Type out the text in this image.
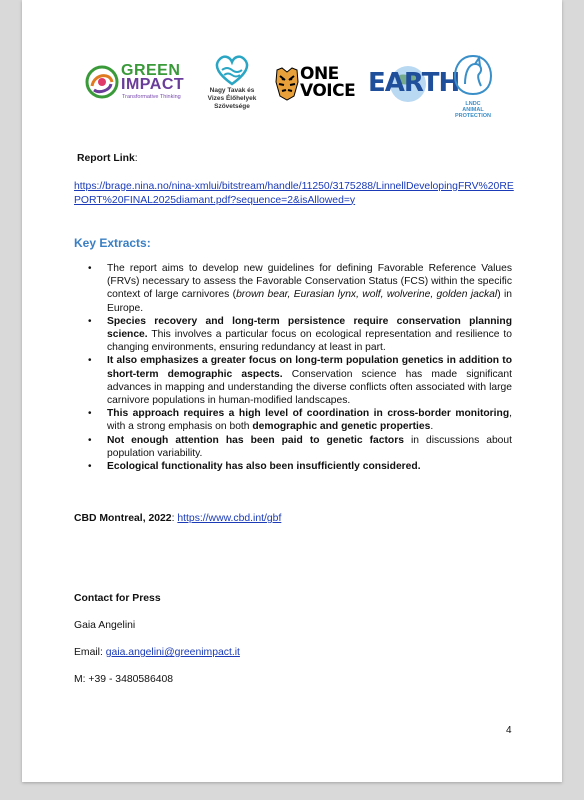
GREEN
IMPACT
Transformative Thinking
Nagy Tavak és
Vizes Élőhelyek
Szövetsége
ONE
VOICE EARTH
LNDC
ANIMAL
PROTECTION
Report Link:
https://brage.nina.no/nina-xmlui/bitstream/handle/11250/3175288/LinnellDevelopingFRV%20REPORT%20FINAL2025diamant.pdf?sequence=2&isAllowed=y
Key Extracts:
• The report aims to develop new guidelines for defining Favorable Reference Values (FRVs) necessary to assess the Favorable Conservation Status (FCS) within the specific context of large carnivores (brown bear, Eurasian lynx, wolf, wolverine, golden jackal) in Europe.
• Species recovery and long-term persistence require conservation planning science. This involves a particular focus on ecological representation and resilience to changing environments, ensuring redundancy at least in part.
• It also emphasizes a greater focus on long-term population genetics in addition to short-term demographic aspects. Conservation science has made significant advances in mapping and understanding the diverse conflicts often associated with large carnivore populations in human-modified landscapes.
• This approach requires a high level of coordination in cross-border monitoring, with a strong emphasis on both demographic and genetic properties.
• Not enough attention has been paid to genetic factors in discussions about population variability.
• Ecological functionality has also been insufficiently considered.
CBD Montreal, 2022: https://www.cbd.int/gbf
Contact for Press
Gaia Angelini
Email: gaia.angelini@greenimpact.it
M: +39 - 3480586408
4
